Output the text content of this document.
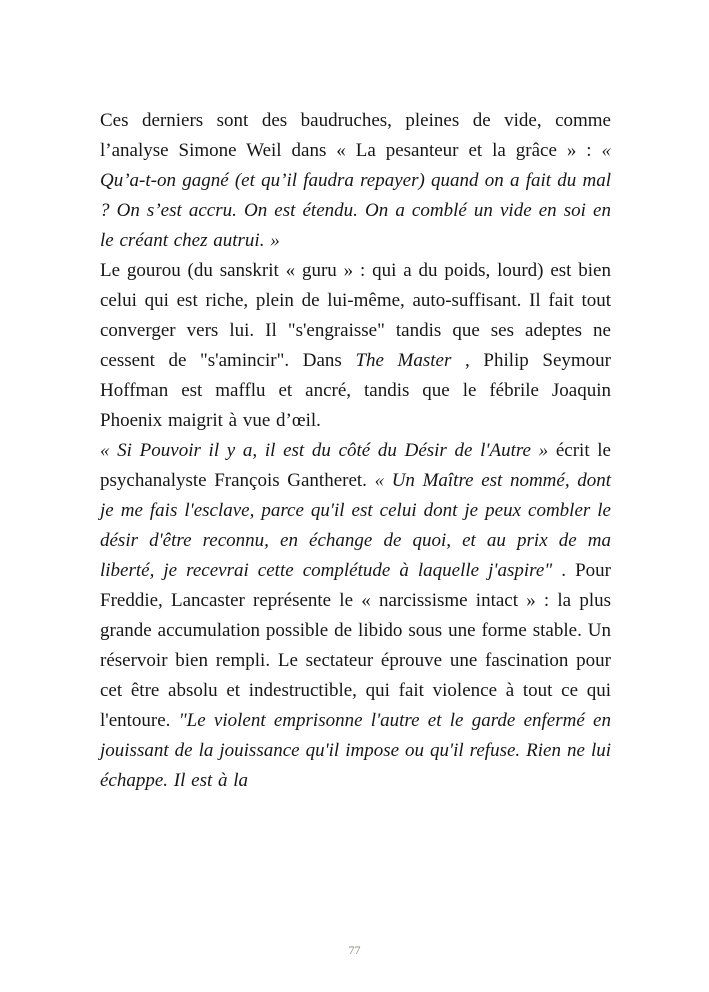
Ces derniers sont des baudruches, pleines de vide, comme l’analyse Simone Weil dans « La pesanteur et la grâce » : « Qu’a-t-on gagné (et qu’il faudra repayer) quand on a fait du mal ? On s’est accru. On est étendu. On a comblé un vide en soi en le créant chez autrui. »

Le gourou (du sanskrit « guru » : qui a du poids, lourd) est bien celui qui est riche, plein de lui-même, auto-suffisant. Il fait tout converger vers lui. Il "s'engraisse" tandis que ses adeptes ne cessent de "s'amincir". Dans The Master , Philip Seymour Hoffman est mafflu et ancré, tandis que le fébrile Joaquin Phoenix maigrit à vue d’œil.

« Si Pouvoir il y a, il est du côté du Désir de l'Autre » écrit le psychanalyste François Gantheret. « Un Maître est nommé, dont je me fais l'esclave, parce qu'il est celui dont je peux combler le désir d'être reconnu, en échange de quoi, et au prix de ma liberté, je recevrai cette complétude à laquelle j'aspire" . Pour Freddie, Lancaster représente le « narcissisme intact » : la plus grande accumulation possible de libido sous une forme stable. Un réservoir bien rempli. Le sectateur éprouve une fascination pour cet être absolu et indestructible, qui fait violence à tout ce qui l'entoure. "Le violent emprisonne l'autre et le garde enfermé en jouissant de la jouissance qu'il impose ou qu'il refuse. Rien ne lui échappe. Il est à la

77
